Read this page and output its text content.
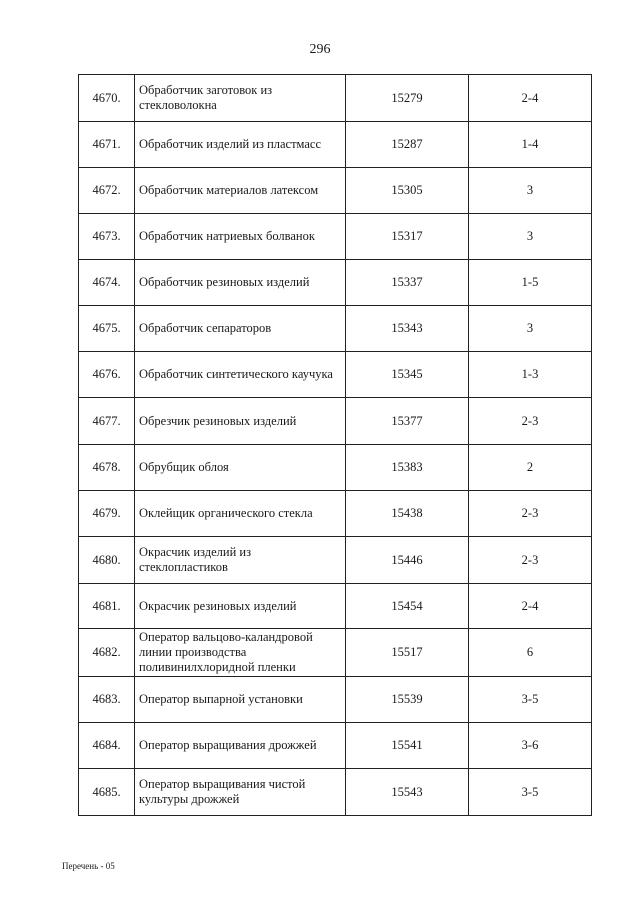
296
4670.	Обработчик заготовок из стекловолокна	15279	2-4
4671.	Обработчик изделий из пластмасс	15287	1-4
4672.	Обработчик материалов латексом	15305	3
4673.	Обработчик натриевых болванок	15317	3
4674.	Обработчик резиновых изделий	15337	1-5
4675.	Обработчик сепараторов	15343	3
4676.	Обработчик синтетического каучука	15345	1-3
4677.	Обрезчик резиновых изделий	15377	2-3
4678.	Обрубщик облоя	15383	2
4679.	Оклейщик органического стекла	15438	2-3
4680.	Окрасчик изделий из стеклопластиков	15446	2-3
4681.	Окрасчик резиновых изделий	15454	2-4
4682.	Оператор вальцово-каландровой линии производства поливинилхлоридной пленки	15517	6
4683.	Оператор выпарной установки	15539	3-5
4684.	Оператор выращивания дрожжей	15541	3-6
4685.	Оператор выращивания чистой культуры дрожжей	15543	3-5
Перечень - 05
